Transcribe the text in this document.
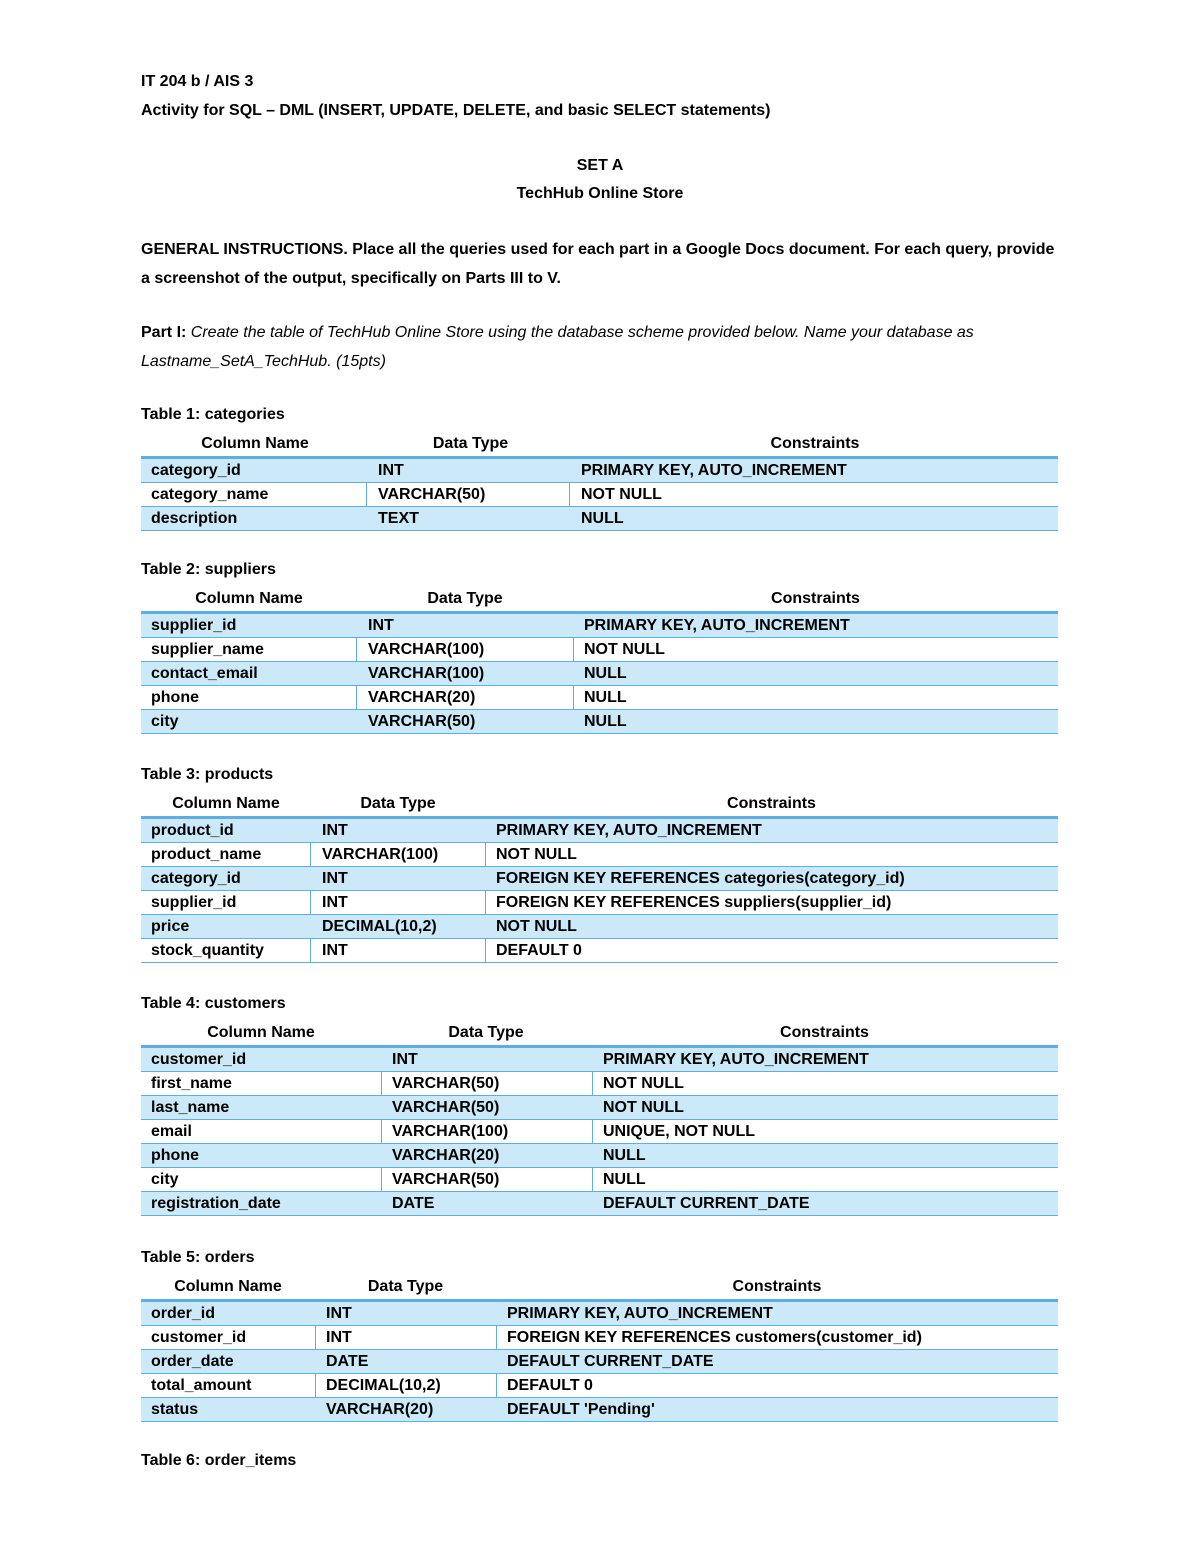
IT 204 b / AIS 3
Activity for SQL – DML (INSERT, UPDATE, DELETE, and basic SELECT statements)
SET A
TechHub Online Store
GENERAL INSTRUCTIONS. Place all the queries used for each part in a Google Docs document. For each query, provide a screenshot of the output, specifically on Parts III to V.
Part I: Create the table of TechHub Online Store using the database scheme provided below. Name your database as Lastname_SetA_TechHub. (15pts)
Table 1: categories
Column Name	Data Type	Constraints
category_id	INT	PRIMARY KEY, AUTO_INCREMENT
category_name	VARCHAR(50)	NOT NULL
description	TEXT	NULL
Table 2: suppliers
Column Name	Data Type	Constraints
supplier_id	INT	PRIMARY KEY, AUTO_INCREMENT
supplier_name	VARCHAR(100)	NOT NULL
contact_email	VARCHAR(100)	NULL
phone	VARCHAR(20)	NULL
city	VARCHAR(50)	NULL
Table 3: products
Column Name	Data Type	Constraints
product_id	INT	PRIMARY KEY, AUTO_INCREMENT
product_name	VARCHAR(100)	NOT NULL
category_id	INT	FOREIGN KEY REFERENCES categories(category_id)
supplier_id	INT	FOREIGN KEY REFERENCES suppliers(supplier_id)
price	DECIMAL(10,2)	NOT NULL
stock_quantity	INT	DEFAULT 0
Table 4: customers
Column Name	Data Type	Constraints
customer_id	INT	PRIMARY KEY, AUTO_INCREMENT
first_name	VARCHAR(50)	NOT NULL
last_name	VARCHAR(50)	NOT NULL
email	VARCHAR(100)	UNIQUE, NOT NULL
phone	VARCHAR(20)	NULL
city	VARCHAR(50)	NULL
registration_date	DATE	DEFAULT CURRENT_DATE
Table 5: orders
Column Name	Data Type	Constraints
order_id	INT	PRIMARY KEY, AUTO_INCREMENT
customer_id	INT	FOREIGN KEY REFERENCES customers(customer_id)
order_date	DATE	DEFAULT CURRENT_DATE
total_amount	DECIMAL(10,2)	DEFAULT 0
status	VARCHAR(20)	DEFAULT 'Pending'
Table 6: order_items
